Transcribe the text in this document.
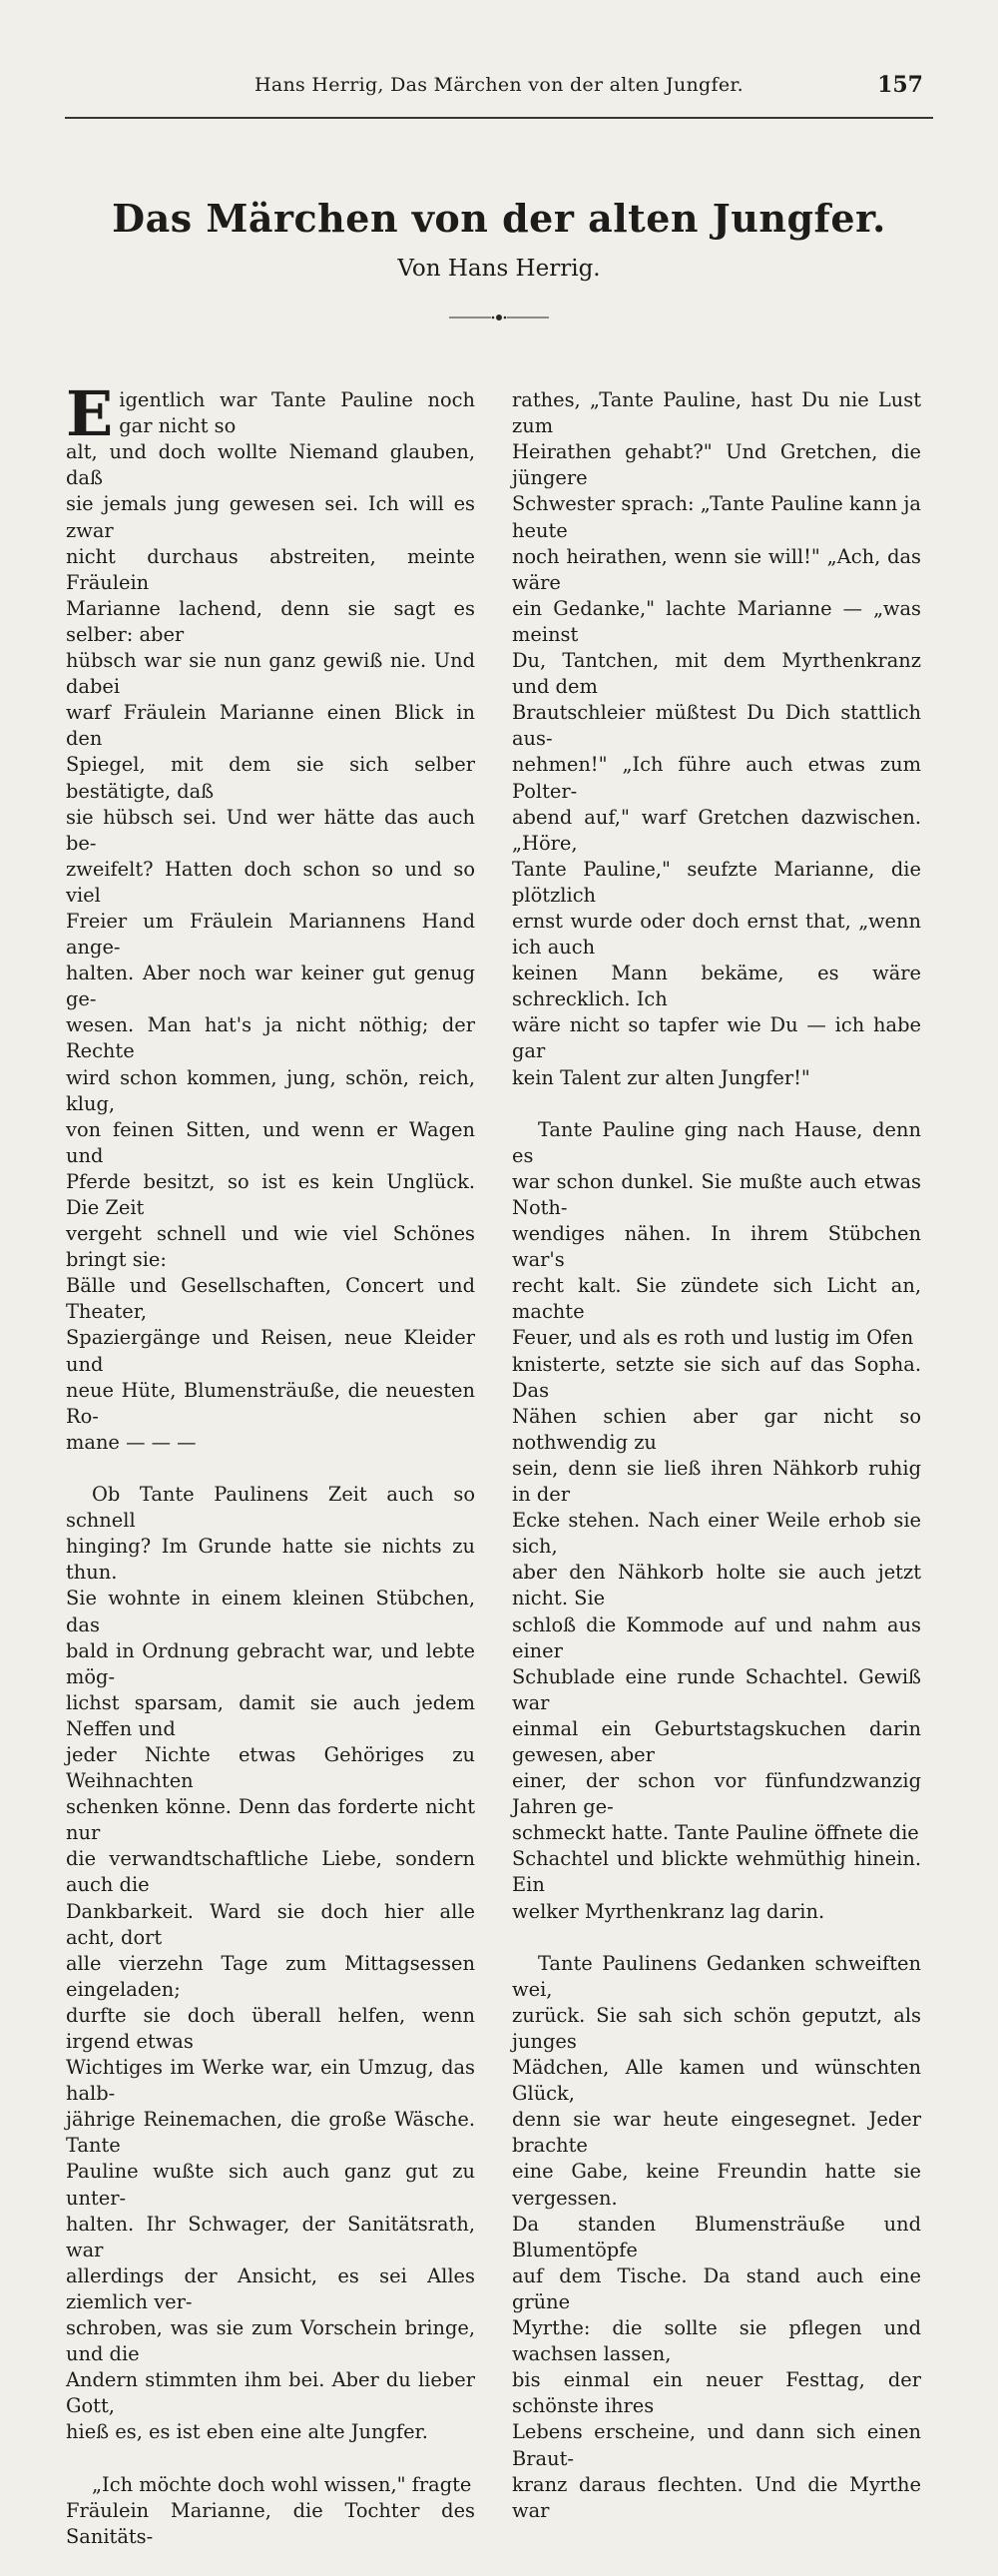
Hans Herrig, Das Märchen von der alten Jungfer.	157
Das Märchen von der alten Jungfer.
Von Hans Herrig.

Eigentlich war Tante Pauline noch gar nicht so
alt, und doch wollte Niemand glauben, daß
sie jemals jung gewesen sei. Ich will es zwar
nicht durchaus abstreiten, meinte Fräulein
Marianne lachend, denn sie sagt es selber: aber
hübsch war sie nun ganz gewiß nie. Und dabei
warf Fräulein Marianne einen Blick in den
Spiegel, mit dem sie sich selber bestätigte, daß
sie hübsch sei. Und wer hätte das auch be-
zweifelt? Hatten doch schon so und so viel
Freier um Fräulein Mariannens Hand ange-
halten. Aber noch war keiner gut genug ge-
wesen. Man hat's ja nicht nöthig; der Rechte
wird schon kommen, jung, schön, reich, klug,
von feinen Sitten, und wenn er Wagen und
Pferde besitzt, so ist es kein Unglück. Die Zeit
vergeht schnell und wie viel Schönes bringt sie:
Bälle und Gesellschaften, Concert und Theater,
Spaziergänge und Reisen, neue Kleider und
neue Hüte, Blumensträuße, die neuesten Ro-
mane — — —

Ob Tante Paulinens Zeit auch so schnell
hinging? Im Grunde hatte sie nichts zu thun.
Sie wohnte in einem kleinen Stübchen, das
bald in Ordnung gebracht war, und lebte mög-
lichst sparsam, damit sie auch jedem Neffen und
jeder Nichte etwas Gehöriges zu Weihnachten
schenken könne. Denn das forderte nicht nur
die verwandtschaftliche Liebe, sondern auch die
Dankbarkeit. Ward sie doch hier alle acht, dort
alle vierzehn Tage zum Mittagsessen eingeladen;
durfte sie doch überall helfen, wenn irgend etwas
Wichtiges im Werke war, ein Umzug, das halb-
jährige Reinemachen, die große Wäsche. Tante
Pauline wußte sich auch ganz gut zu unter-
halten. Ihr Schwager, der Sanitätsrath, war
allerdings der Ansicht, es sei Alles ziemlich ver-
schroben, was sie zum Vorschein bringe, und die
Andern stimmten ihm bei. Aber du lieber Gott,
hieß es, es ist eben eine alte Jungfer.

„Ich möchte doch wohl wissen," fragte
Fräulein Marianne, die Tochter des Sanitäts-

rathes, „Tante Pauline, hast Du nie Lust zum
Heirathen gehabt?" Und Gretchen, die jüngere
Schwester sprach: „Tante Pauline kann ja heute
noch heirathen, wenn sie will!" „Ach, das wäre
ein Gedanke," lachte Marianne — „was meinst
Du, Tantchen, mit dem Myrthenkranz und dem
Brautschleier müßtest Du Dich stattlich aus-
nehmen!" „Ich führe auch etwas zum Polter-
abend auf," warf Gretchen dazwischen. „Höre,
Tante Pauline," seufzte Marianne, die plötzlich
ernst wurde oder doch ernst that, „wenn ich auch
keinen Mann bekäme, es wäre schrecklich. Ich
wäre nicht so tapfer wie Du — ich habe gar
kein Talent zur alten Jungfer!"

Tante Pauline ging nach Hause, denn es
war schon dunkel. Sie mußte auch etwas Noth-
wendiges nähen. In ihrem Stübchen war's
recht kalt. Sie zündete sich Licht an, machte
Feuer, und als es roth und lustig im Ofen
knisterte, setzte sie sich auf das Sopha. Das
Nähen schien aber gar nicht so nothwendig zu
sein, denn sie ließ ihren Nähkorb ruhig in der
Ecke stehen. Nach einer Weile erhob sie sich,
aber den Nähkorb holte sie auch jetzt nicht. Sie
schloß die Kommode auf und nahm aus einer
Schublade eine runde Schachtel. Gewiß war
einmal ein Geburtstagskuchen darin gewesen, aber
einer, der schon vor fünfundzwanzig Jahren ge-
schmeckt hatte. Tante Pauline öffnete die
Schachtel und blickte wehmüthig hinein. Ein
welker Myrthenkranz lag darin.

Tante Paulinens Gedanken schweiften wei,
zurück. Sie sah sich schön geputzt, als junges
Mädchen, Alle kamen und wünschten Glück,
denn sie war heute eingesegnet. Jeder brachte
eine Gabe, keine Freundin hatte sie vergessen.
Da standen Blumensträuße und Blumentöpfe
auf dem Tische. Da stand auch eine grüne
Myrthe: die sollte sie pflegen und wachsen lassen,
bis einmal ein neuer Festtag, der schönste ihres
Lebens erscheine, und dann sich einen Braut-
kranz daraus flechten. Und die Myrthe war
